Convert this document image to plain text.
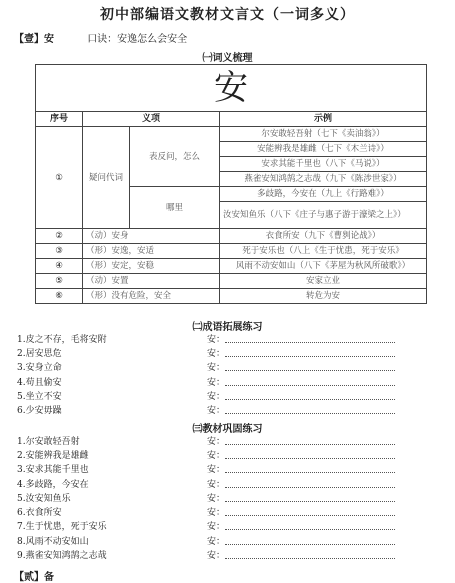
初中部编语文教材文言文（一词多义）
【壹】安	口诀：安逸怎么会安全
㈠词义梳理
安			
序号	义项		示例
①	疑问代词	表反问，怎么	尔安敢轻吾射（七下《卖油翁》）
			安能辨我是雄雌（七下《木兰诗》）
			安求其能千里也（八下《马说》）
			燕雀安知鸿鹄之志哉（九下《陈涉世家》）
		哪里	多歧路，今安在（九上《行路难》）
			汝安知鱼乐（八下《庄子与惠子游于濠梁之上》）
②	（动）安身		衣食所安（九下《曹刿论战》）
③	（形）安逸，安适		死于安乐也（八上《生于忧患，死于安乐》
④	（形）安定，安稳		风雨不动安如山（八下《茅屋为秋风所破歌》）
⑤	（动）安置		安家立业
⑥	（形）没有危险，安全		转危为安
㈡成语拓展练习
1.皮之不存，毛将安附	安：
2.居安思危	安：
3.安身立命	安：
4.苟且偷安	安：
5.坐立不安	安：
6.少安毋躁	安：
㈢教材巩固练习
1.尔安敢轻吾射	安：
2.安能辨我是雄雌	安：
3.安求其能千里也	安：
4.多歧路，今安在	安：
5.汝安知鱼乐	安：
6.衣食所安	安：
7.生于忧患，死于安乐	安：
8.风雨不动安如山	安：
9.燕雀安知鸿鹄之志哉	安：
【贰】备
